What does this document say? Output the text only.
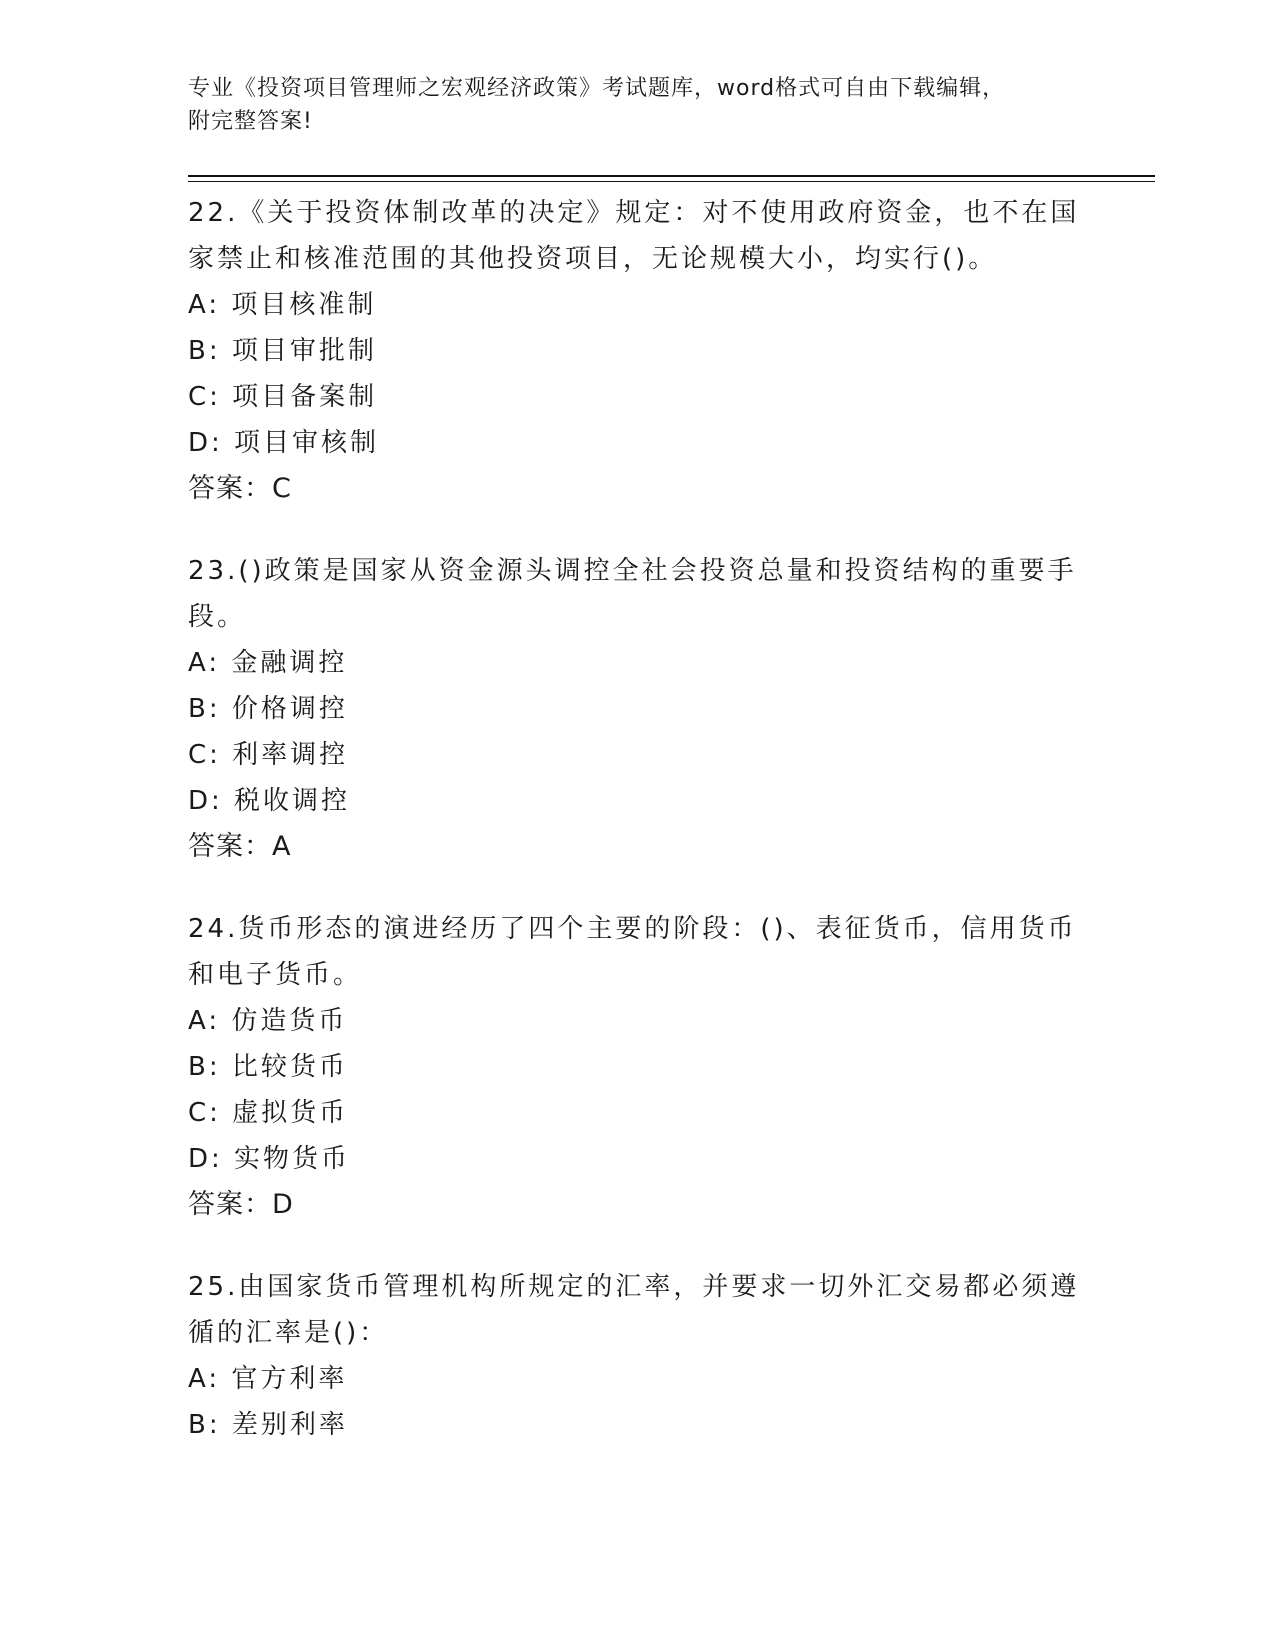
专业《投资项目管理师之宏观经济政策》考试题库，word格式可自由下载编辑，
附完整答案!
22.《关于投资体制改革的决定》规定：对不使用政府资金，也不在国家禁止和核准范围的其他投资项目，无论规模大小，均实行()。
A: 项目核准制
B: 项目审批制
C: 项目备案制
D: 项目审核制
答案：C
23.()政策是国家从资金源头调控全社会投资总量和投资结构的重要手段。
A: 金融调控
B: 价格调控
C: 利率调控
D: 税收调控
答案：A
24.货币形态的演进经历了四个主要的阶段：()、表征货币，信用货币和电子货币。
A: 仿造货币
B: 比较货币
C: 虚拟货币
D: 实物货币
答案：D
25.由国家货币管理机构所规定的汇率，并要求一切外汇交易都必须遵循的汇率是()：
A: 官方利率
B: 差别利率
